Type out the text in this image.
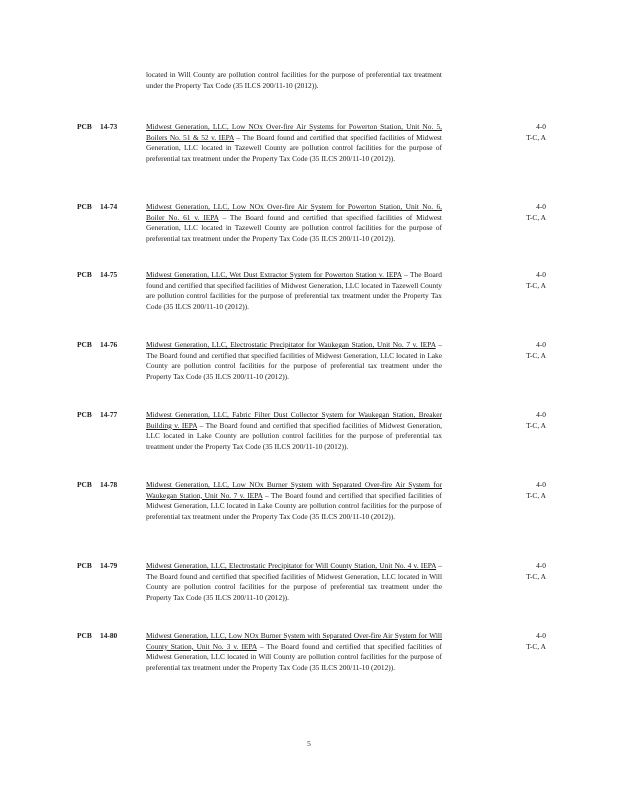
located in Will County are pollution control facilities for the purpose of preferential tax treatment under the Property Tax Code (35 ILCS 200/11-10 (2012)).
PCB 14-73	Midwest Generation, LLC, Low NOx Over-fire Air Systems for Powerton Station, Unit No. 5, Boilers No. 51 & 52 v. IEPA – The Board found and certified that specified facilities of Midwest Generation, LLC located in Tazewell County are pollution control facilities for the purpose of preferential tax treatment under the Property Tax Code (35 ILCS 200/11-10 (2012)).
4-0
T-C, A
PCB 14-74	Midwest Generation, LLC, Low NOx Over-fire Air System for Powerton Station, Unit No. 6, Boiler No. 61 v. IEPA – The Board found and certified that specified facilities of Midwest Generation, LLC located in Tazewell County are pollution control facilities for the purpose of preferential tax treatment under the Property Tax Code (35 ILCS 200/11-10 (2012)).
4-0
T-C, A
PCB 14-75	Midwest Generation, LLC, Wet Dust Extractor System for Powerton Station v. IEPA – The Board found and certified that specified facilities of Midwest Generation, LLC located in Tazewell County are pollution control facilities for the purpose of preferential tax treatment under the Property Tax Code (35 ILCS 200/11-10 (2012)).
4-0
T-C, A
PCB 14-76	Midwest Generation, LLC, Electrostatic Precipitator for Waukegan Station, Unit No. 7 v. IEPA – The Board found and certified that specified facilities of Midwest Generation, LLC located in Lake County are pollution control facilities for the purpose of preferential tax treatment under the Property Tax Code (35 ILCS 200/11-10 (2012)).
4-0
T-C, A
PCB 14-77	Midwest Generation, LLC, Fabric Filter Dust Collector System for Waukegan Station, Breaker Building v. IEPA – The Board found and certified that specified facilities of Midwest Generation, LLC located in Lake County are pollution control facilities for the purpose of preferential tax treatment under the Property Tax Code (35 ILCS 200/11-10 (2012)).
4-0
T-C, A
PCB 14-78	Midwest Generation, LLC, Low NOx Burner System with Separated Over-fire Air System for Waukegan Station, Unit No. 7 v. IEPA – The Board found and certified that specified facilities of Midwest Generation, LLC located in Lake County are pollution control facilities for the purpose of preferential tax treatment under the Property Tax Code (35 ILCS 200/11-10 (2012)).
4-0
T-C, A
PCB 14-79	Midwest Generation, LLC, Electrostatic Precipitator for Will County Station, Unit No. 4 v. IEPA – The Board found and certified that specified facilities of Midwest Generation, LLC located in Will County are pollution control facilities for the purpose of preferential tax treatment under the Property Tax Code (35 ILCS 200/11-10 (2012)).
4-0
T-C, A
PCB 14-80	Midwest Generation, LLC, Low NOx Burner System with Separated Over-fire Air System for Will County Station, Unit No. 3 v. IEPA – The Board found and certified that specified facilities of Midwest Generation, LLC located in Will County are pollution control facilities for the purpose of preferential tax treatment under the Property Tax Code (35 ILCS 200/11-10 (2012)).
4-0
T-C, A
5
